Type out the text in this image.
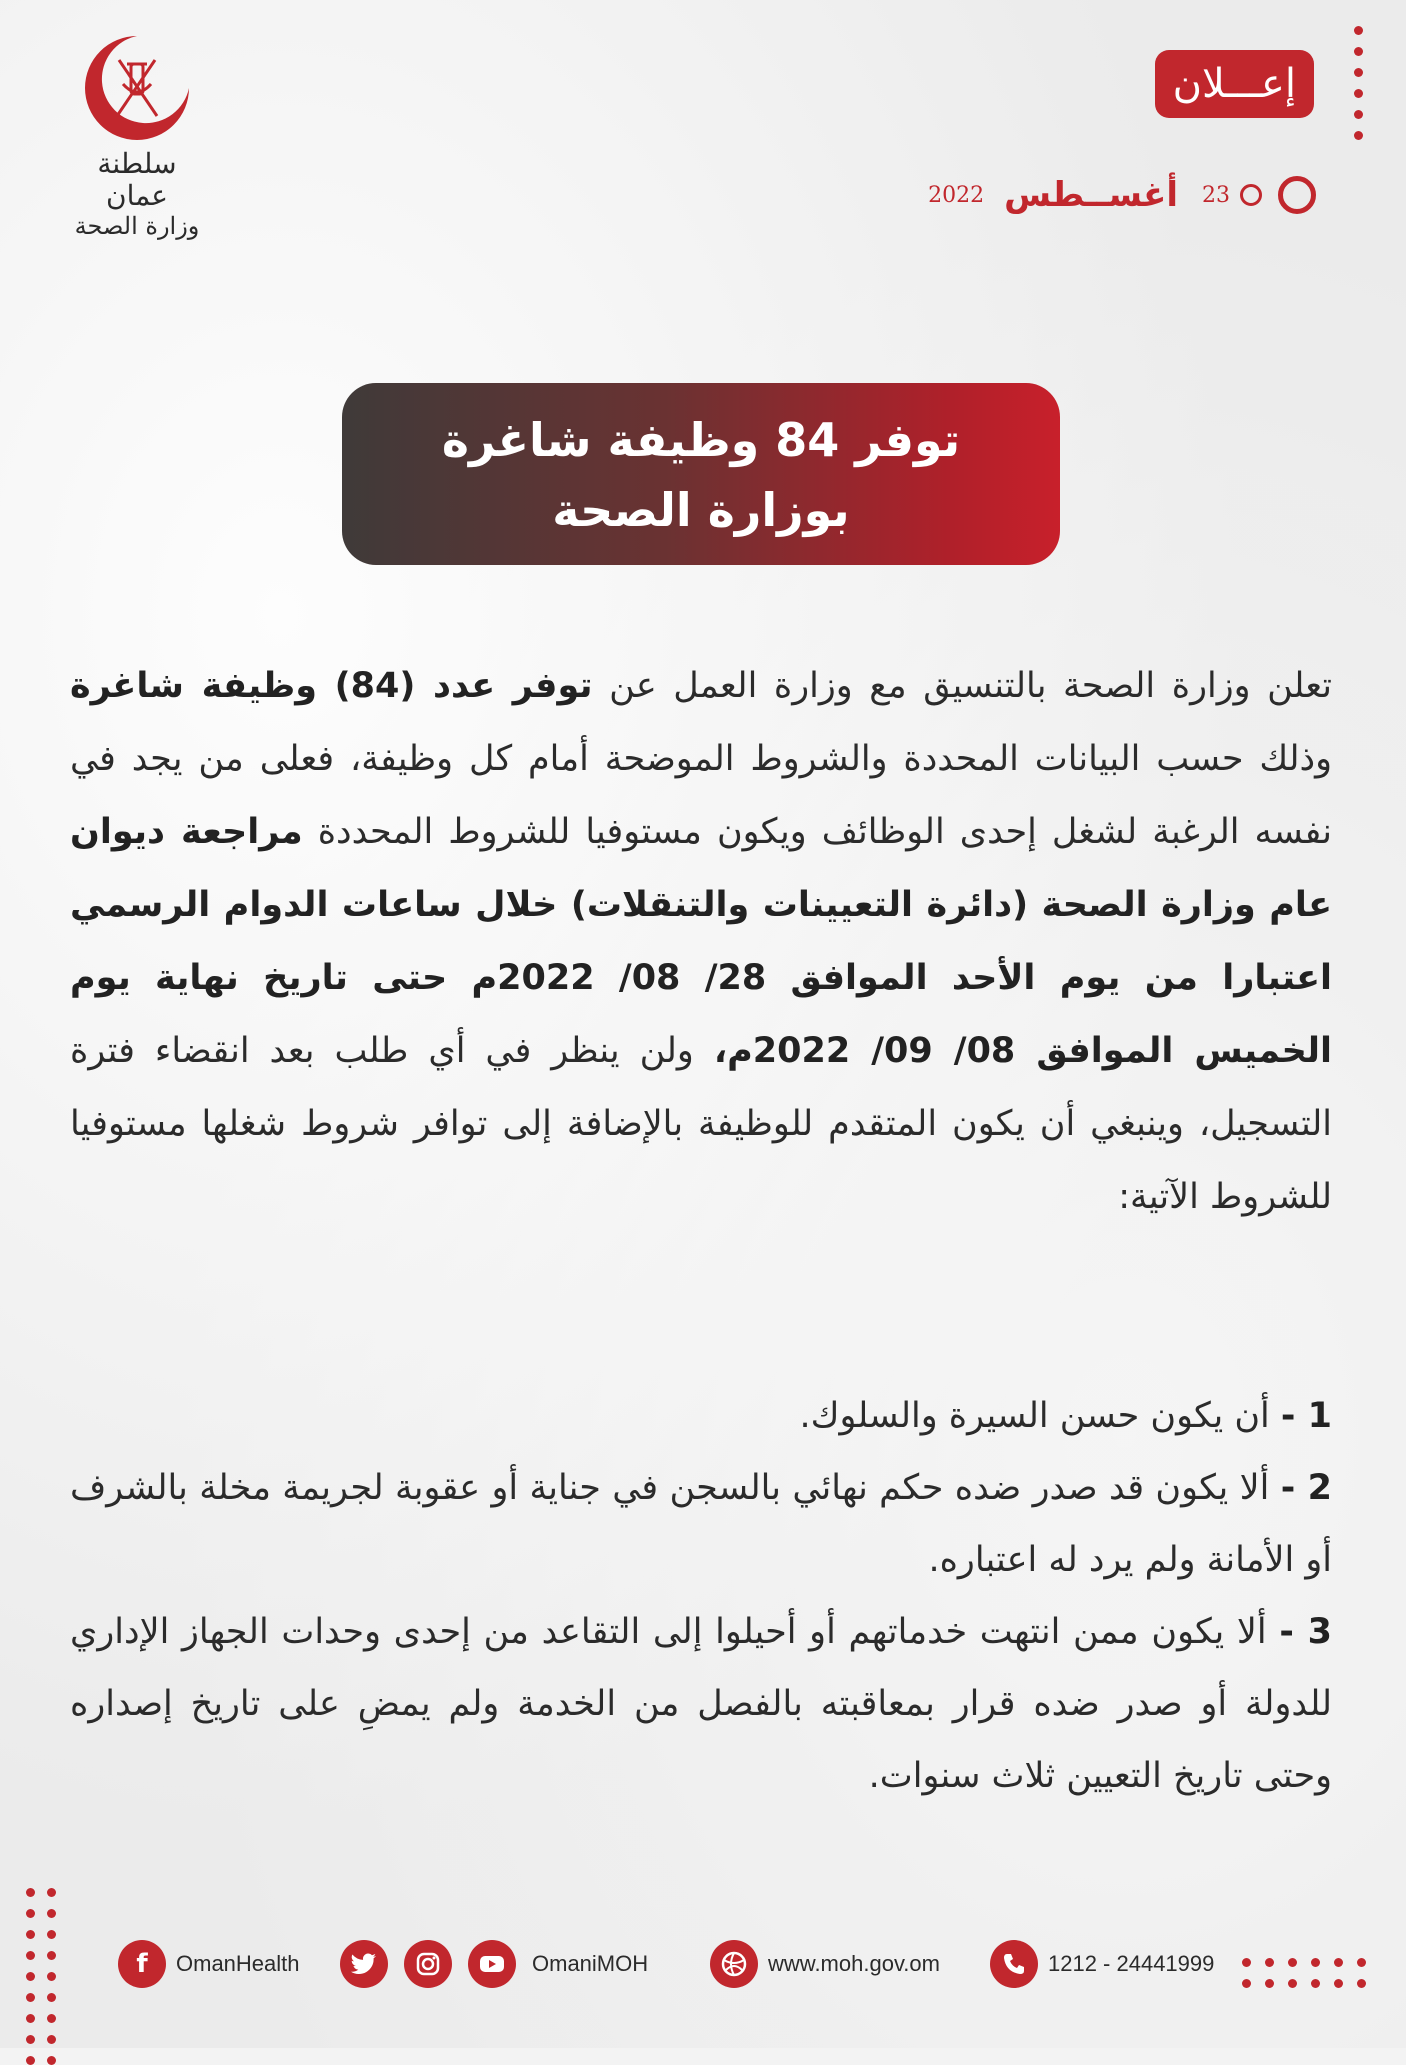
سلطنة عمان
وزارة الصحة
إعـــلان
23
أغســطس
2022
توفر 84 وظيفة شاغرة
بوزارة الصحة
تعلن وزارة الصحة بالتنسيق مع وزارة العمل عن توفر عدد (84) وظيفة شاغرة وذلك حسب البيانات المحددة والشروط الموضحة أمام كل وظيفة، فعلى من يجد في نفسه الرغبة لشغل إحدى الوظائف ويكون مستوفيا للشروط المحددة مراجعة ديوان عام وزارة الصحة (دائرة التعيينات والتنقلات) خلال ساعات الدوام الرسمي اعتبارا من يوم الأحد الموافق 28/ 08/ 2022م حتى تاريخ نهاية يوم الخميس الموافق 08/ 09/ 2022م، ولن ينظر في أي طلب بعد انقضاء فترة التسجيل، وينبغي أن يكون المتقدم للوظيفة بالإضافة إلى توافر شروط شغلها مستوفيا للشروط الآتية:
1 - أن يكون حسن السيرة والسلوك.
2 - ألا يكون قد صدر ضده حكم نهائي بالسجن في جناية أو عقوبة لجريمة مخلة بالشرف أو الأمانة ولم يرد له اعتباره.
3 - ألا يكون ممن انتهت خدماتهم أو أحيلوا إلى التقاعد من إحدى وحدات الجهاز الإداري للدولة أو صدر ضده قرار بمعاقبته بالفصل من الخدمة ولم يمضِ على تاريخ إصداره وحتى تاريخ التعيين ثلاث سنوات.
f	OmanHealth	OmaniMOH	www.moh.gov.om	1212 - 24441999
